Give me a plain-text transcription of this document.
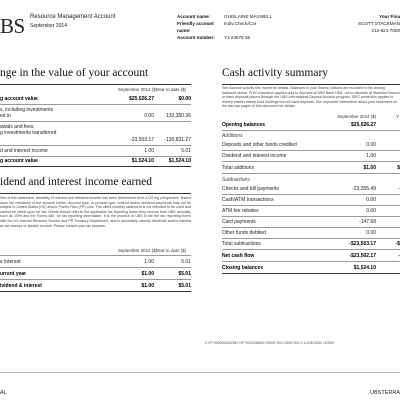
BS Resource Management Account
September 2014
Account name:	GHISLAINE MAXWELL
Friendly account name:
Indiv.Check/Car
Account number:	Y1 23578 55
Your Fina
SCOTT STACKMAN
212-821-7000
nge in the value of your account
September 2014 ($)
Year to date ($)
g account value	$25,026.27	$0.00
s, including investments
ed in	0.00 132,350.36
awals and fees,
g investments transferred
-23,503.17 -130,831.27
d and interest income	1.00	5.01
g account value	$1,524.10	$1,524.10
idend and interest income earned
Ses of this statement, taxability of interest and dividend income has been determined from a US ing perspective. Based upon the residence of the account holder, account type, or product type, ividend and/or dividend payments may not be subject to United States (US) and/or Puerto Rico (PR) ome. The client monthly statement is not intended to be used and cannot be relied upon for tax Clients should refer to the applicable tax reporting forms they receive from UBS annually, such as 1099 and the Forms 480, for tax reporting information. It is the practice of UBS to file the tax reporting forms with the US Internal Revenue Service and PR Treasury Department, and in accurately classify dividends and/or interest as tax exempt or taxable income. Please consult your tax preparer.
September 2014 ($)
Year to date ($)
e interest	1.00	5.01
urrent year	$1.00	$5.01
ividend & interest	$1.00	$5.01
Cash activity summary
See Account activity this month for details. Balances in your Sweep Options are included in the closing balances above. FDIC insurance applies only to deposits at UBS Bank USA, not to deposits at Stamford Branch or bank deposits placed through the UBS International Deposit Account program. SIPC protection applies to money market sweep fund holdings but not bank deposits. See Important information about your statement on the last two pages of this document for details.
September 2014 ($)	Y
Opening balances	$25,026.27
Additions
Deposits and other funds credited	0.00
Dividend and interest income	1.00
Total additions	$1.00	$
Subtractions
Checks and bill payments	-23,355.49	-
Cash/ATM transactions	0.00
ATM fee rebates	0.00
Card payments	-147.68
Other funds debited	0.00
Total subtractions	-$23,503.17	-$
Net cash flow	-$23,502.17	-
Closing balances	$1,524.10
CYP70000000552667 NP70000298800 00008 0914 03057500 4 1123576530 110000
AL	UBSTERRA
